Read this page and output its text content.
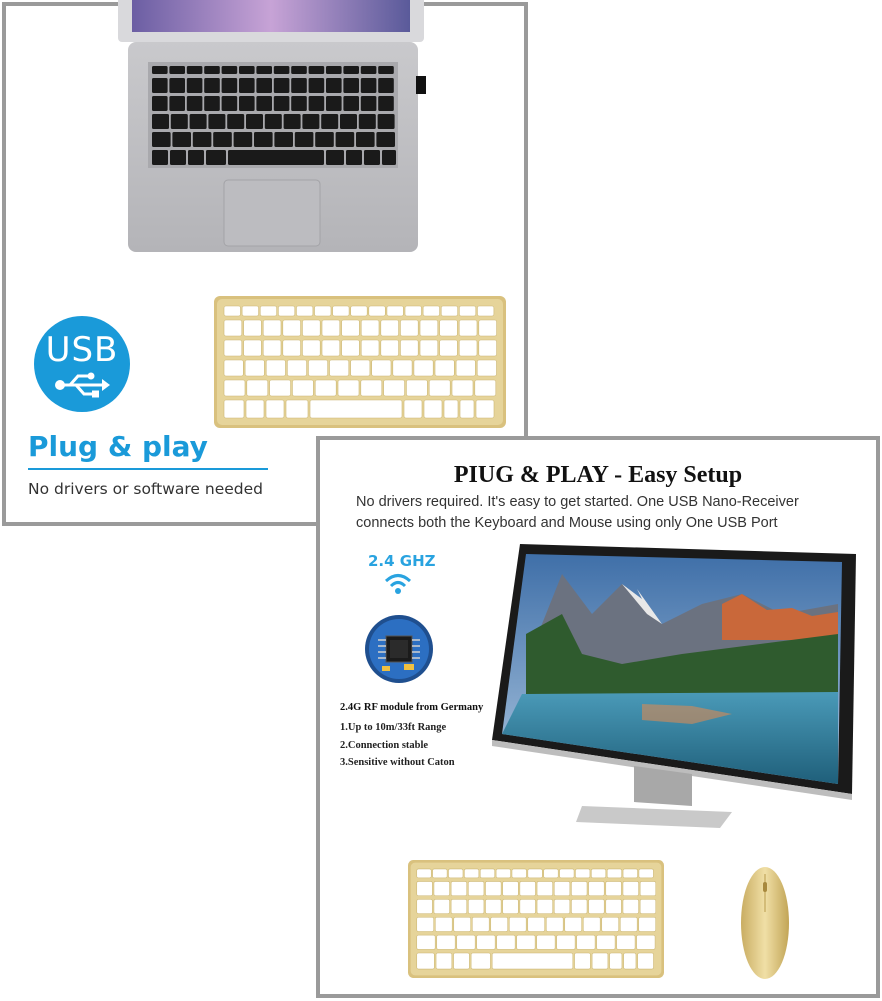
USB
Plug & play
No drivers or software needed
PIUG & PLAY - Easy Setup
No drivers required. It's easy to get started. One USB Nano-Receiver connects both the Keyboard and Mouse using only One USB Port
2.4 GHZ
2.4G RF module from Germany
1.Up to 10m/33ft Range
2.Connection stable
3.Sensitive without Caton
